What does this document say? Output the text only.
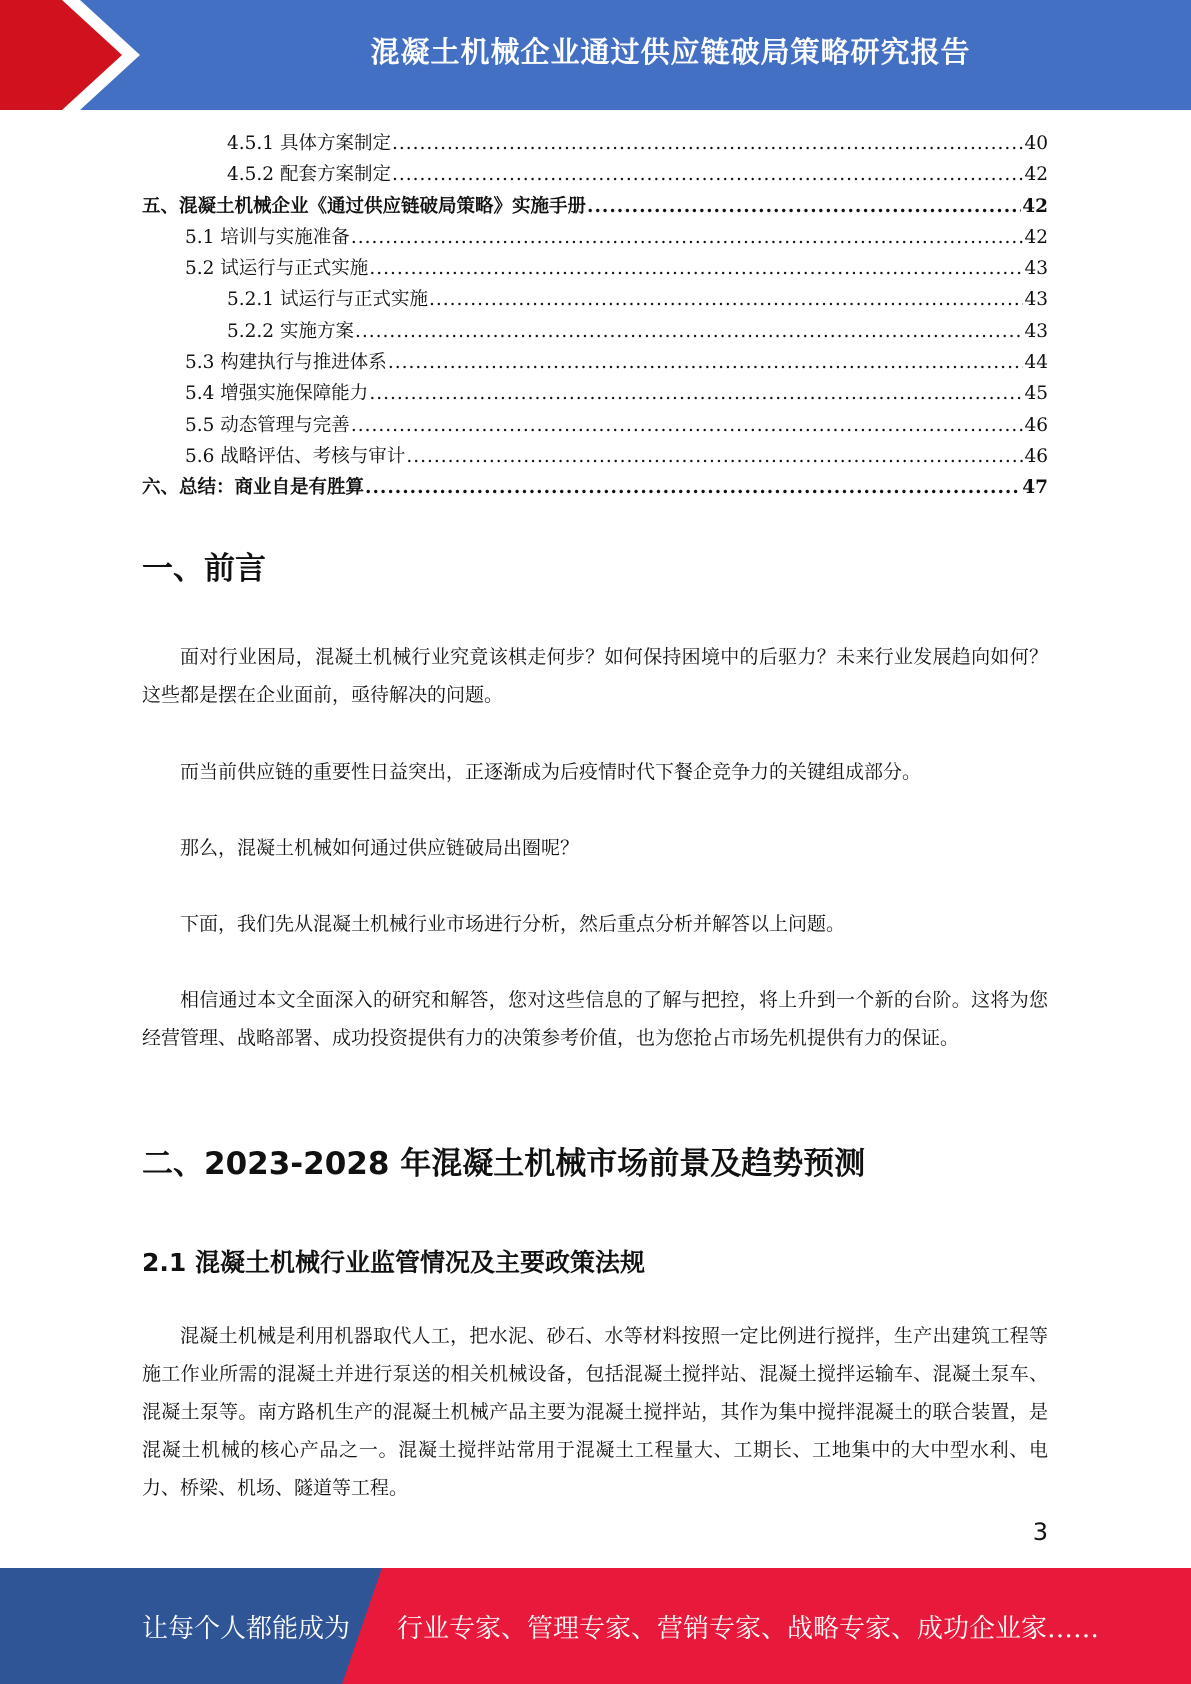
混凝土机械企业通过供应链破局策略研究报告
4.5.1 具体方案制定 .....	40
4.5.2 配套方案制定 .....	42
五、混凝土机械企业《通过供应链破局策略》实施手册 .....	42
5.1 培训与实施准备 .....	42
5.2 试运行与正式实施 .....	43
5.2.1 试运行与正式实施 .....	43
5.2.2 实施方案 .....	43
5.3 构建执行与推进体系 .....	44
5.4 增强实施保障能力 .....	45
5.5 动态管理与完善 .....	46
5.6 战略评估、考核与审计 .....	46
六、总结：商业自是有胜算 .....	47
一、前言
面对行业困局，混凝土机械行业究竟该棋走何步？如何保持困境中的后驱力？未来行业发展趋向如何？这些都是摆在企业面前，亟待解决的问题。
而当前供应链的重要性日益突出，正逐渐成为后疫情时代下餐企竞争力的关键组成部分。
那么，混凝土机械如何通过供应链破局出圈呢？
下面，我们先从混凝土机械行业市场进行分析，然后重点分析并解答以上问题。
相信通过本文全面深入的研究和解答，您对这些信息的了解与把控，将上升到一个新的台阶。这将为您经营管理、战略部署、成功投资提供有力的决策参考价值，也为您抢占市场先机提供有力的保证。
二、2023-2028 年混凝土机械市场前景及趋势预测
2.1 混凝土机械行业监管情况及主要政策法规
混凝土机械是利用机器取代人工，把水泥、砂石、水等材料按照一定比例进行搅拌，生产出建筑工程等施工作业所需的混凝土并进行泵送的相关机械设备，包括混凝土搅拌站、混凝土搅拌运输车、混凝土泵车、混凝土泵等。南方路机生产的混凝土机械产品主要为混凝土搅拌站，其作为集中搅拌混凝土的联合装置，是混凝土机械的核心产品之一。混凝土搅拌站常用于混凝土工程量大、工期长、工地集中的大中型水利、电力、桥梁、机场、隧道等工程。
3
让每个人都能成为 行业专家、管理专家、营销专家、战略专家、成功企业家……
